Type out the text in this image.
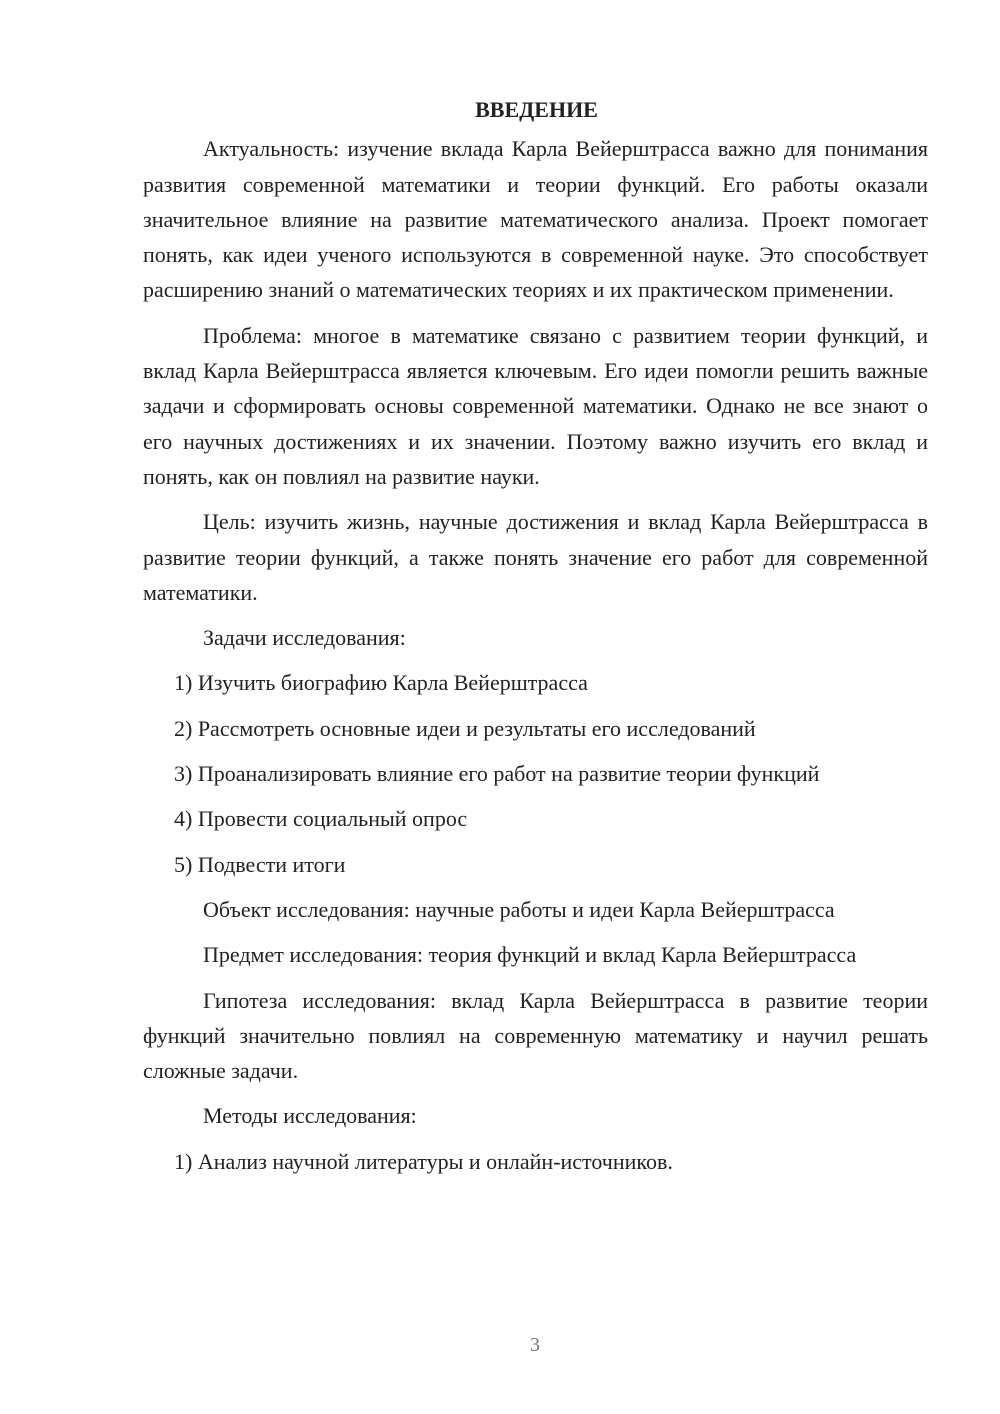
ВВЕДЕНИЕ

Актуальность: изучение вклада Карла Вейерштрасса важно для понимания развития современной математики и теории функций. Его работы оказали значительное влияние на развитие математического анализа. Проект помогает понять, как идеи ученого используются в современной науке. Это способствует расширению знаний о математических теориях и их практическом применении.

Проблема: многое в математике связано с развитием теории функций, и вклад Карла Вейерштрасса является ключевым. Его идеи помогли решить важные задачи и сформировать основы современной математики. Однако не все знают о его научных достижениях и их значении. Поэтому важно изучить его вклад и понять, как он повлиял на развитие науки.

Цель: изучить жизнь, научные достижения и вклад Карла Вейерштрасса в развитие теории функций, а также понять значение его работ для современной математики.

Задачи исследования:

1) Изучить биографию Карла Вейерштрасса

2) Рассмотреть основные идеи и результаты его исследований

3) Проанализировать влияние его работ на развитие теории функций

4) Провести социальный опрос

5) Подвести итоги

Объект исследования: научные работы и идеи Карла Вейерштрасса

Предмет исследования: теория функций и вклад Карла Вейерштрасса

Гипотеза исследования: вклад Карла Вейерштрасса в развитие теории функций значительно повлиял на современную математику и научил решать сложные задачи.

Методы исследования:

1) Анализ научной литературы и онлайн-источников.

3
